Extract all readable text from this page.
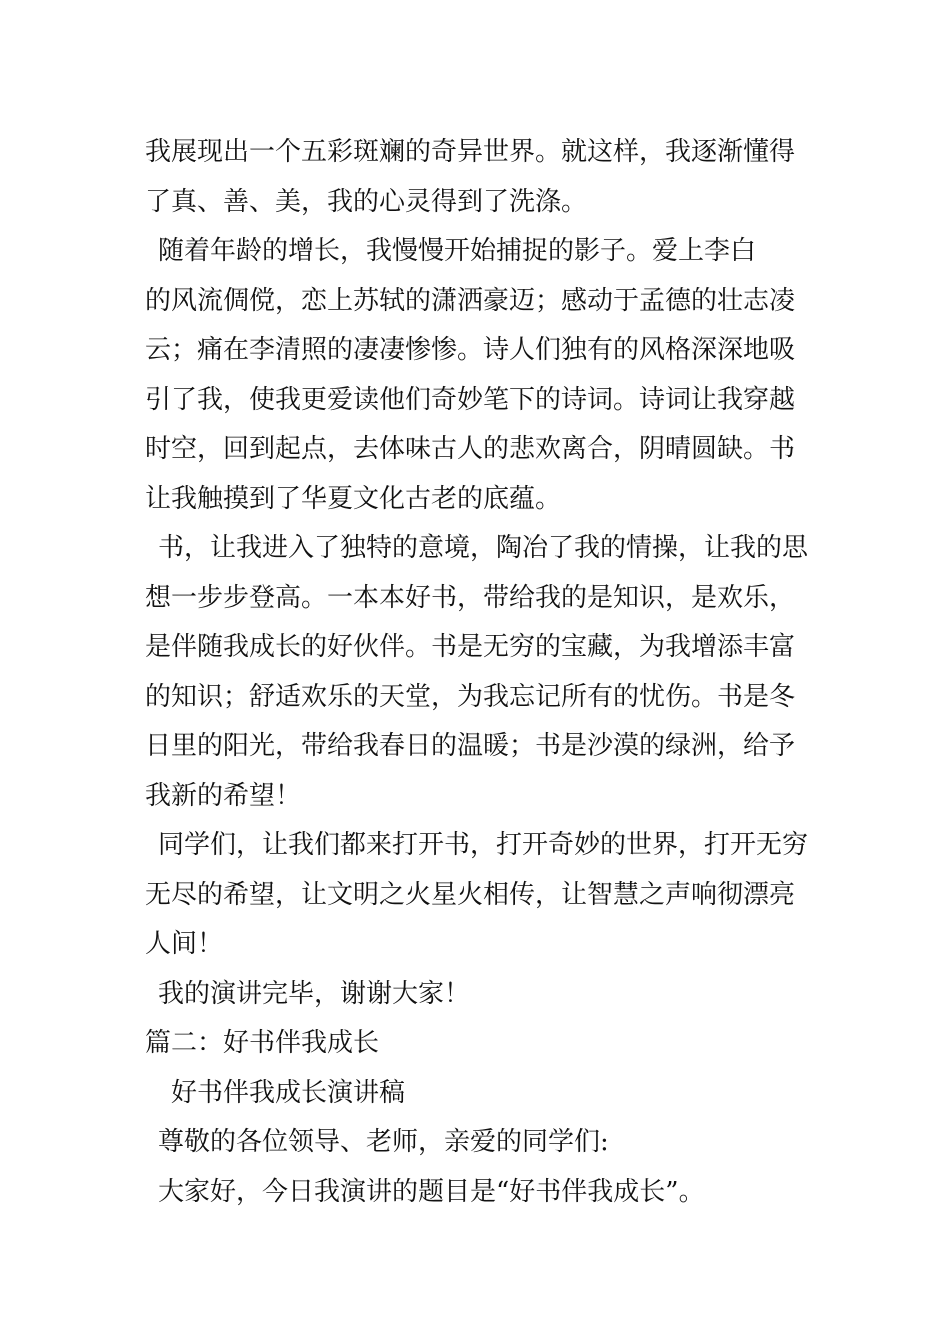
我展现出一个五彩斑斓的奇异世界。就这样，我逐渐懂得
了真、善、美，我的心灵得到了洗涤。
随着年龄的增长，我慢慢开始捕捉的影子。爱上李白
的风流倜傥，恋上苏轼的潇洒豪迈；感动于孟德的壮志凌
云；痛在李清照的凄凄惨惨。诗人们独有的风格深深地吸
引了我，使我更爱读他们奇妙笔下的诗词。诗词让我穿越
时空，回到起点，去体味古人的悲欢离合，阴晴圆缺。书
让我触摸到了华夏文化古老的底蕴。
书，让我进入了独特的意境，陶冶了我的情操，让我的思
想一步步登高。一本本好书，带给我的是知识，是欢乐，
是伴随我成长的好伙伴。书是无穷的宝藏，为我增添丰富
的知识；舒适欢乐的天堂，为我忘记所有的忧伤。书是冬
日里的阳光，带给我春日的温暖；书是沙漠的绿洲，给予
我新的希望！
同学们，让我们都来打开书，打开奇妙的世界，打开无穷
无尽的希望，让文明之火星火相传，让智慧之声响彻漂亮
人间！
我的演讲完毕，谢谢大家！
篇二：好书伴我成长
好书伴我成长演讲稿
尊敬的各位领导、老师，亲爱的同学们:
大家好，今日我演讲的题目是“好书伴我成长”。
